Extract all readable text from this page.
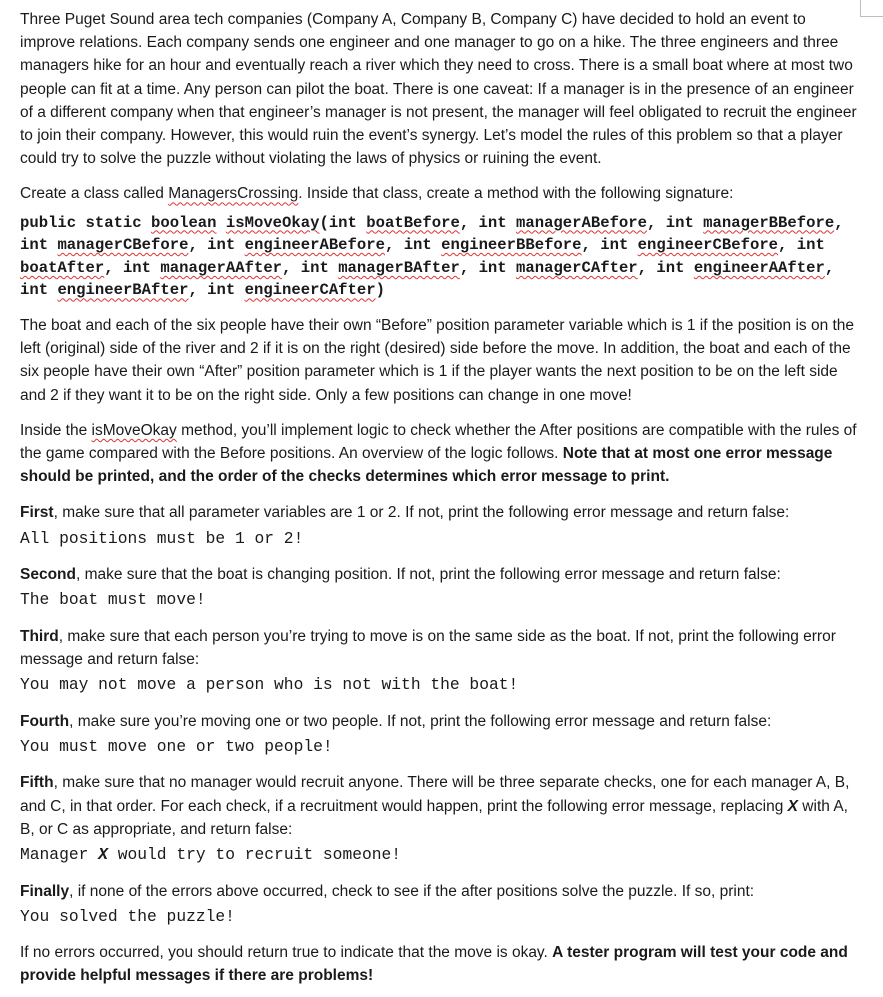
Three Puget Sound area tech companies (Company A, Company B, Company C) have decided to hold an event to improve relations. Each company sends one engineer and one manager to go on a hike. The three engineers and three managers hike for an hour and eventually reach a river which they need to cross. There is a small boat where at most two people can fit at a time. Any person can pilot the boat. There is one caveat: If a manager is in the presence of an engineer of a different company when that engineer’s manager is not present, the manager will feel obligated to recruit the engineer to join their company. However, this would ruin the event’s synergy. Let’s model the rules of this problem so that a player could try to solve the puzzle without violating the laws of physics or ruining the event.

Create a class called ManagersCrossing. Inside that class, create a method with the following signature:

public static boolean isMoveOkay(int boatBefore, int managerABefore, int managerBBefore, int managerCBefore, int engineerABefore, int engineerBBefore, int engineerCBefore, int boatAfter, int managerAAfter, int managerBAfter, int managerCAfter, int engineerAAfter, int engineerBAfter, int engineerCAfter)

The boat and each of the six people have their own “Before” position parameter variable which is 1 if the position is on the left (original) side of the river and 2 if it is on the right (desired) side before the move. In addition, the boat and each of the six people have their own “After” position parameter which is 1 if the player wants the next position to be on the left side and 2 if they want it to be on the right side. Only a few positions can change in one move!

Inside the isMoveOkay method, you’ll implement logic to check whether the After positions are compatible with the rules of the game compared with the Before positions. An overview of the logic follows. Note that at most one error message should be printed, and the order of the checks determines which error message to print.

First, make sure that all parameter variables are 1 or 2. If not, print the following error message and return false:

All positions must be 1 or 2!

Second, make sure that the boat is changing position. If not, print the following error message and return false:

The boat must move!

Third, make sure that each person you’re trying to move is on the same side as the boat. If not, print the following error message and return false:

You may not move a person who is not with the boat!

Fourth, make sure you’re moving one or two people. If not, print the following error message and return false:

You must move one or two people!

Fifth, make sure that no manager would recruit anyone. There will be three separate checks, one for each manager A, B, and C, in that order. For each check, if a recruitment would happen, print the following error message, replacing X with A, B, or C as appropriate, and return false:

Manager X would try to recruit someone!

Finally, if none of the errors above occurred, check to see if the after positions solve the puzzle. If so, print:

You solved the puzzle!

If no errors occurred, you should return true to indicate that the move is okay. A tester program will test your code and provide helpful messages if there are problems!
